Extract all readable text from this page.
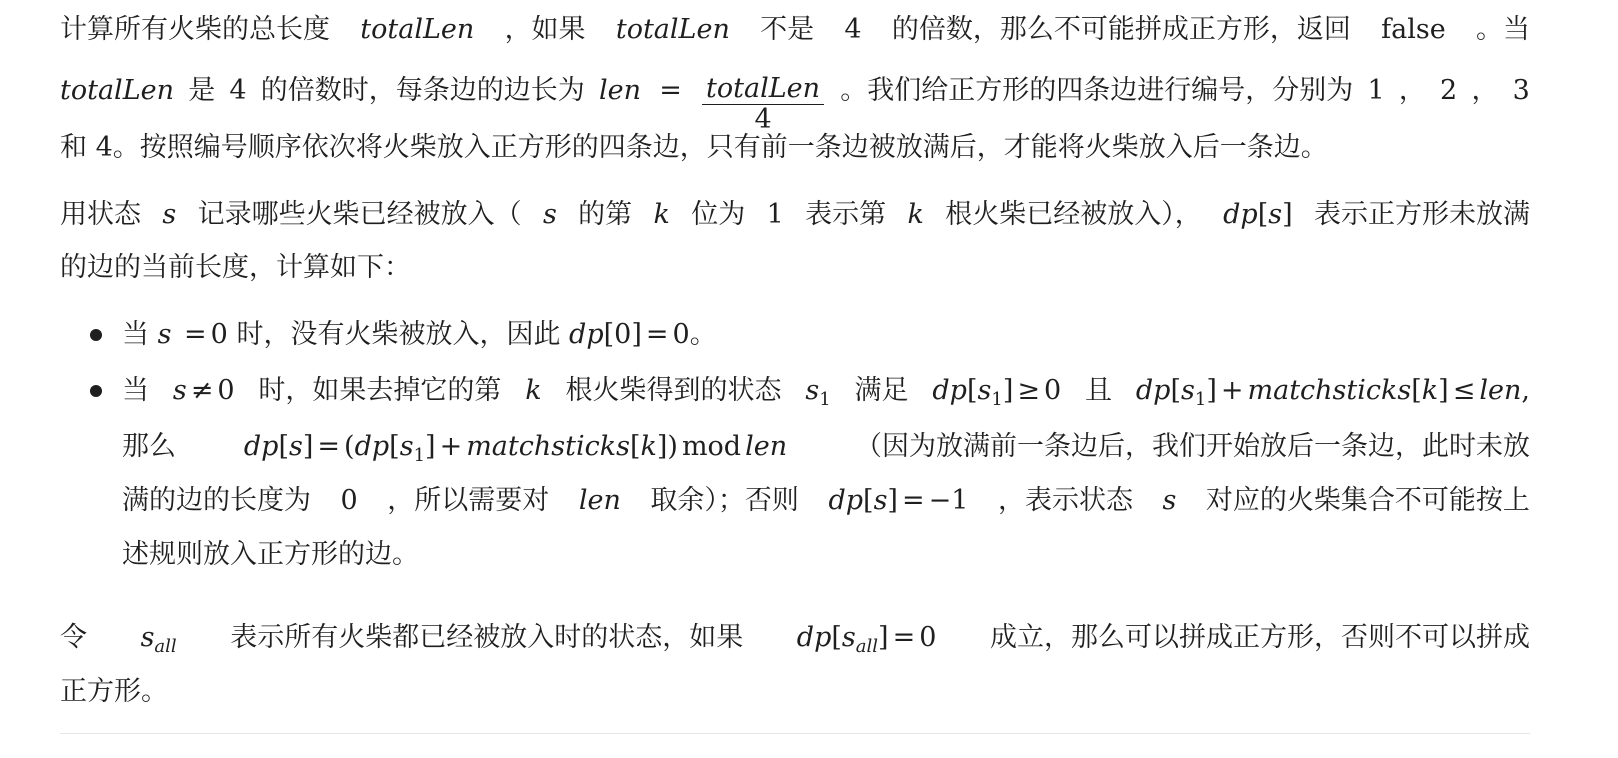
计算所有火柴的总长度 totalLen ，如果 totalLen 不是 4 的倍数，那么不可能拼成正方形，返回 false 。当
totalLen 是 4 的倍数时，每条边的边长为 len = $\frac{\text{totalLen}}{4}$ 。我们给正方形的四条边进行编号，分别为 1 ， 2 ， 3
和 4。按照编号顺序依次将火柴放入正方形的四条边，只有前一条边被放满后，才能将火柴放入后一条边。
用状态 s 记录哪些火柴已经被放入（ s 的第 k 位为 1 表示第 k 根火柴已经被放入）， dp[s] 表示正方形未放满
的边的当前长度，计算如下：
当 s = 0 时，没有火柴被放入，因此 dp[0] = 0。
当 s ≠ 0 时，如果去掉它的第 k 根火柴得到的状态 $s_1$ 满足 $dp[s_1] \ge 0$ 且 $dp[s_1]$ + matchsticks[k] ≤ len,
那么	$dp[s] = (dp[s_1]$ + matchsticks[k]) mod len	（因为放满前一条边后，我们开始放后一条边，此时未放
满的边的长度为 0 ，所以需要对 len 取余）；否则 dp[s] = −1 ，表示状态 s 对应的火柴集合不可能按上
述规则放入正方形的边。
令 $s_{all}$ 表示所有火柴都已经被放入时的状态，如果 $dp[s_{all}] = 0$ 成立，那么可以拼成正方形，否则不可以拼成
正方形。
